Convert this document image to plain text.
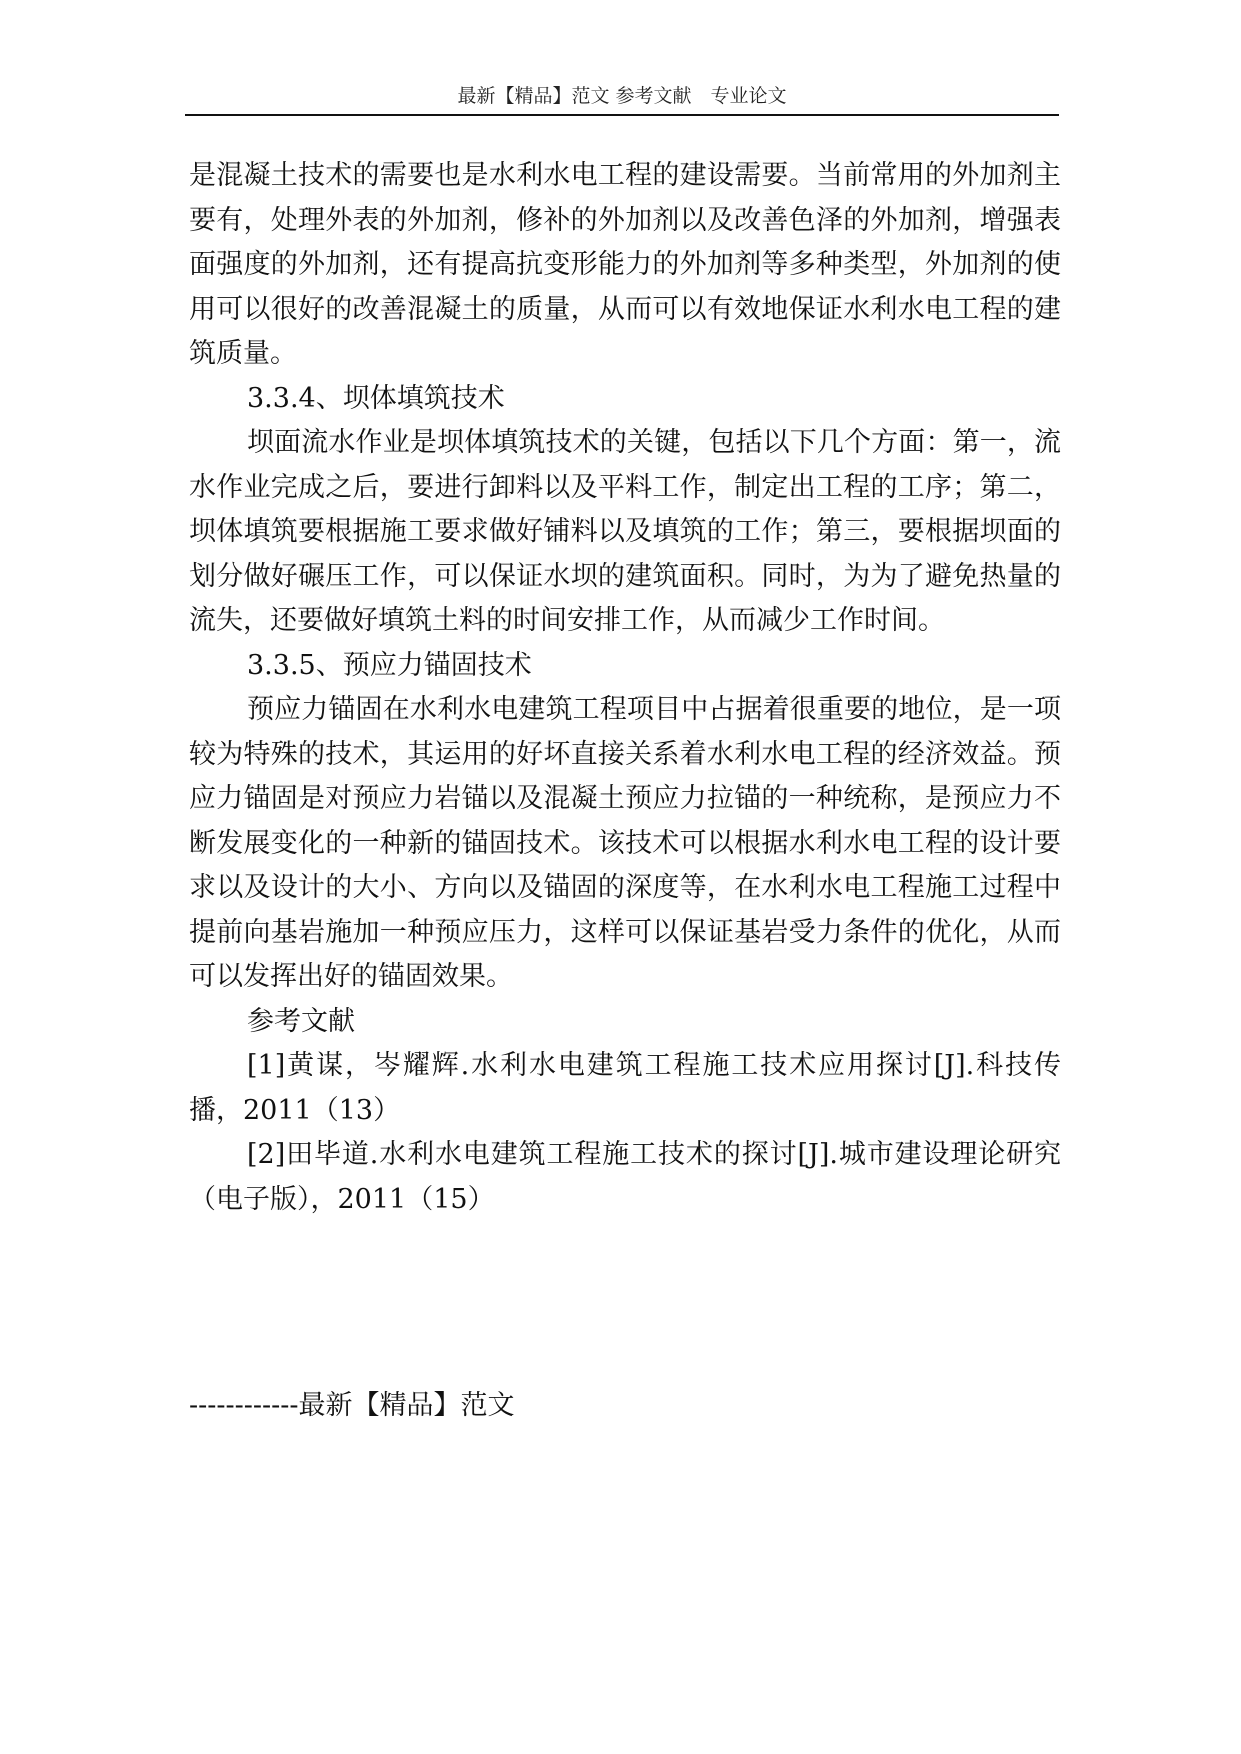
最新【精品】范文 参考文献　专业论文

是混凝土技术的需要也是水利水电工程的建设需要。当前常用的外加剂主要有，处理外表的外加剂，修补的外加剂以及改善色泽的外加剂，增强表面强度的外加剂，还有提高抗变形能力的外加剂等多种类型，外加剂的使用可以很好的改善混凝土的质量，从而可以有效地保证水利水电工程的建筑质量。

3.3.4、坝体填筑技术

坝面流水作业是坝体填筑技术的关键，包括以下几个方面：第一，流水作业完成之后，要进行卸料以及平料工作，制定出工程的工序；第二，坝体填筑要根据施工要求做好铺料以及填筑的工作；第三，要根据坝面的划分做好碾压工作，可以保证水坝的建筑面积。同时，为为了避免热量的流失，还要做好填筑土料的时间安排工作，从而减少工作时间。

3.3.5、预应力锚固技术

预应力锚固在水利水电建筑工程项目中占据着很重要的地位，是一项较为特殊的技术，其运用的好坏直接关系着水利水电工程的经济效益。预应力锚固是对预应力岩锚以及混凝土预应力拉锚的一种统称，是预应力不断发展变化的一种新的锚固技术。该技术可以根据水利水电工程的设计要求以及设计的大小、方向以及锚固的深度等，在水利水电工程施工过程中提前向基岩施加一种预应压力，这样可以保证基岩受力条件的优化，从而可以发挥出好的锚固效果。

参考文献

[1]黄谋，岑耀辉.水利水电建筑工程施工技术应用探讨[J].科技传播，2011（13）

[2]田毕道.水利水电建筑工程施工技术的探讨[J].城市建设理论研究（电子版），2011（15）

------------最新【精品】范文
